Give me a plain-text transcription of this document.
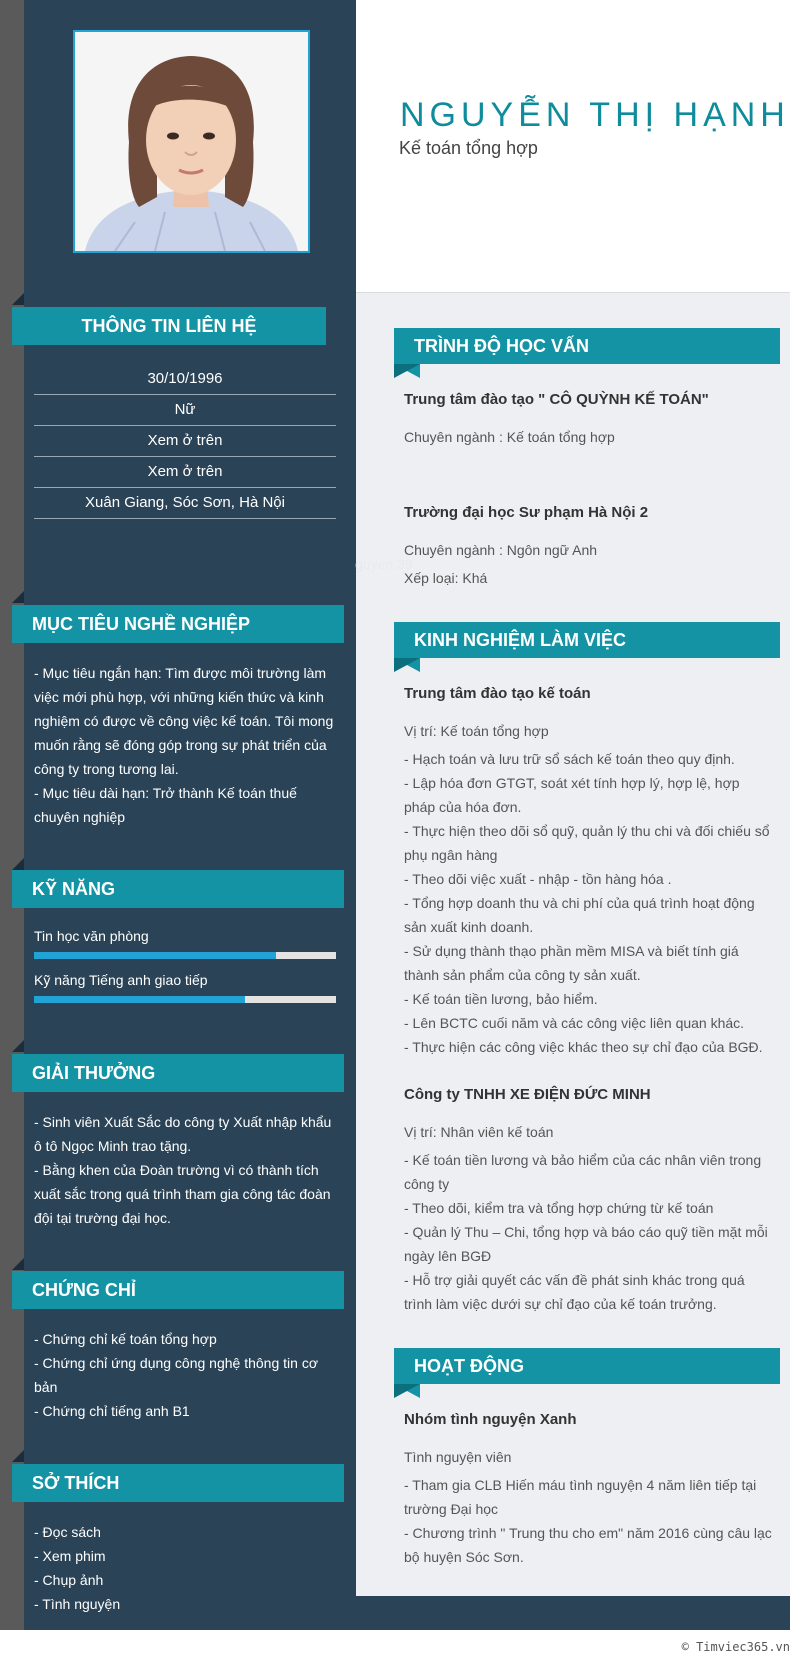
NGUYỄN THỊ HẠNH
Kế toán tổng hợp
THÔNG TIN LIÊN HỆ
30/10/1996
Nữ
Xem ở trên
Xem ở trên
Xuân Giang, Sóc Sơn, Hà Nội
guyen.39
MỤC TIÊU NGHỀ NGHIỆP

- Mục tiêu ngắn hạn: Tìm được môi trường làm việc mới phù hợp, với những kiến thức và kinh nghiệm có được về công việc kế toán. Tôi mong muốn rằng sẽ đóng góp trong sự phát triển của công ty trong tương lai.

- Mục tiêu dài hạn: Trở thành Kế toán thuế chuyên nghiệp

KỸ NĂNG
Tin học văn phòng
Kỹ năng Tiếng anh giao tiếp
GIẢI THƯỞNG

- Sinh viên Xuất Sắc do công ty Xuất nhập khẩu ô tô Ngọc Minh trao tặng.

- Bằng khen của Đoàn trường vì có thành tích xuất sắc trong quá trình tham gia công tác đoàn đội tại trường đại học.

CHỨNG CHỈ

- Chứng chỉ kế toán tổng hợp

- Chứng chỉ ứng dụng công nghệ thông tin cơ bản

- Chứng chỉ tiếng anh B1

SỞ THÍCH

- Đọc sách

- Xem phim

- Chụp ảnh

- Tình nguyện

TRÌNH ĐỘ HỌC VẤN

Trung tâm đào tạo " CÔ QUỲNH KẾ TOÁN"

Chuyên ngành : Kế toán tổng hợp

Trường đại học Sư phạm Hà Nội 2

Chuyên ngành : Ngôn ngữ Anh

Xếp loại: Khá

KINH NGHIỆM LÀM VIỆC

Trung tâm đào tạo kế toán

Vị trí: Kế toán tổng hợp

- Hạch toán và lưu trữ sổ sách kế toán theo quy định.

- Lập hóa đơn GTGT, soát xét tính hợp lý, hợp lệ, hợp pháp của hóa đơn.

- Thực hiện theo dõi sổ quỹ, quản lý thu chi và đối chiếu sổ phụ ngân hàng

- Theo dõi việc xuất - nhập - tồn hàng hóa .

- Tổng hợp doanh thu và chi phí của quá trình hoạt động sản xuất kinh doanh.

- Sử dụng thành thạo phần mềm MISA và biết tính giá thành sản phẩm của công ty sản xuất.

- Kế toán tiền lương, bảo hiểm.

- Lên BCTC cuối năm và các công việc liên quan khác.

- Thực hiện các công việc khác theo sự chỉ đạo của BGĐ.

Công ty TNHH XE ĐIỆN ĐỨC MINH

Vị trí: Nhân viên kế toán

- Kế toán tiền lương và bảo hiểm của các nhân viên trong công ty

- Theo dõi, kiểm tra và tổng hợp chứng từ kế toán

- Quản lý Thu – Chi, tổng hợp và báo cáo quỹ tiền mặt mỗi ngày lên BGĐ

- Hỗ trợ giải quyết các vấn đề phát sinh khác trong quá trình làm việc dưới sự chỉ đạo của kế toán trưởng.

HOẠT ĐỘNG

Nhóm tình nguyện Xanh

Tình nguyện viên

- Tham gia CLB Hiến máu tình nguyện 4 năm liên tiếp tại trường Đại học

- Chương trình " Trung thu cho em" năm 2016 cùng câu lạc bộ huyện Sóc Sơn.

© Timviec365.vn
